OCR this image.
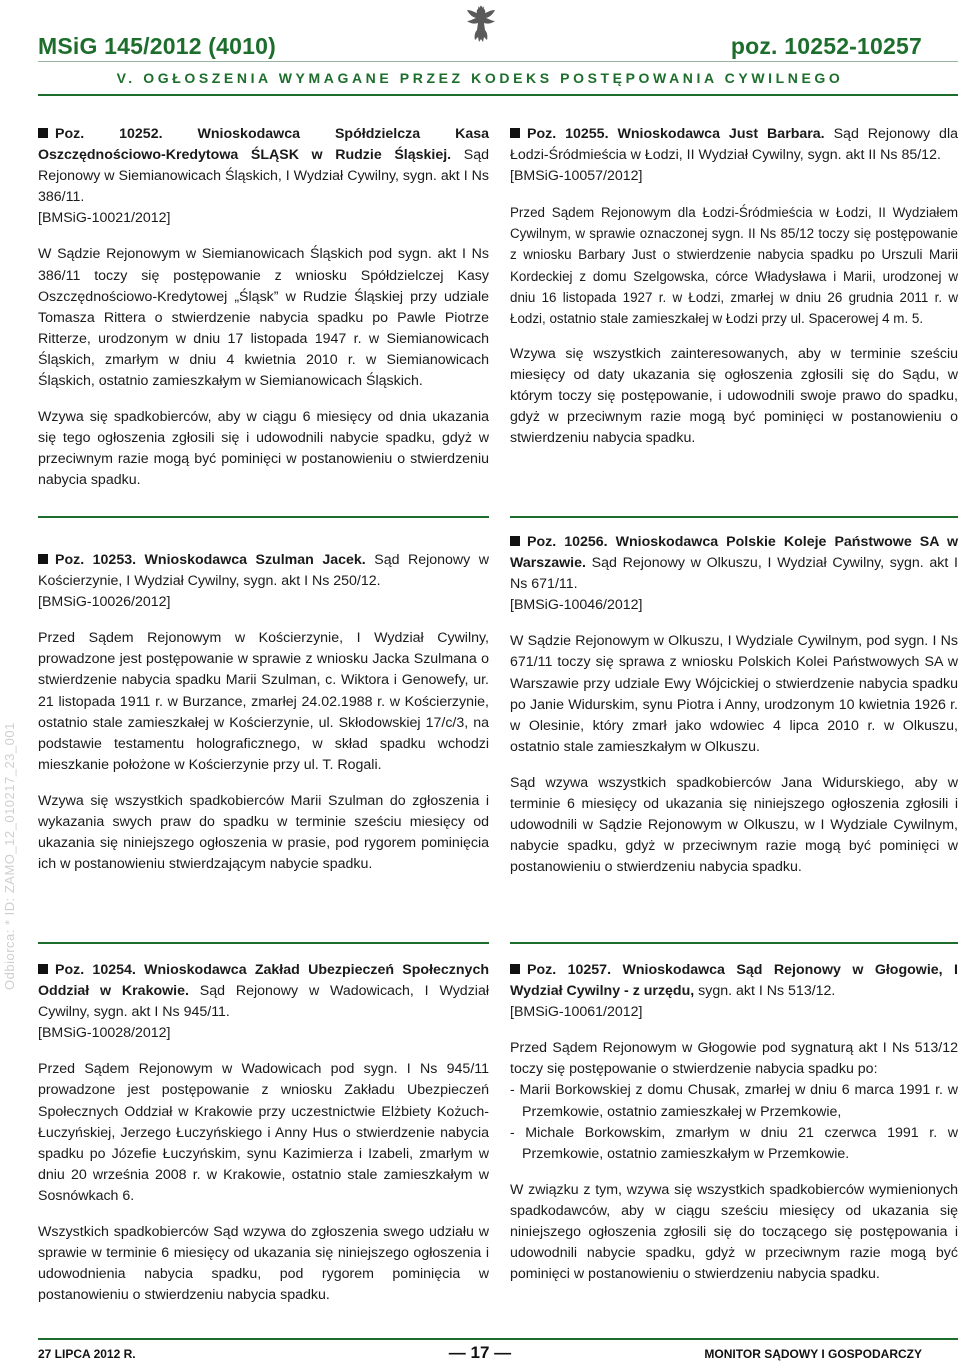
MSiG 145/2012 (4010)	poz. 10252-10257
V. OGŁOSZENIA WYMAGANE PRZEZ KODEKS POSTĘPOWANIA CYWILNEGO
Odbiorca: * ID: ZAMO_12_010217_23_001

Poz. 10252. Wnioskodawca Spółdzielcza Kasa Oszczędnościowo-Kredytowa ŚLĄSK w Rudzie Śląskiej. Sąd Rejonowy w Siemianowicach Śląskich, I Wydział Cywilny, sygn. akt I Ns 386/11.
[BMSiG-10021/2012]

W Sądzie Rejonowym w Siemianowicach Śląskich pod sygn. akt I Ns 386/11 toczy się postępowanie z wniosku Spółdzielczej Kasy Oszczędnościowo-Kredytowej „Śląsk” w Rudzie Śląskiej przy udziale Tomasza Rittera o stwierdzenie nabycia spadku po Pawle Piotrze Ritterze, urodzonym w dniu 17 listopada 1947 r. w Siemianowicach Śląskich, zmarłym w dniu 4 kwietnia 2010 r. w Siemianowicach Śląskich, ostatnio zamieszkałym w Siemianowicach Śląskich.

Wzywa się spadkobierców, aby w ciągu 6 miesięcy od dnia ukazania się tego ogłoszenia zgłosili się i udowodnili nabycie spadku, gdyż w przeciwnym razie mogą być pominięci w postanowieniu o stwierdzeniu nabycia spadku.

Poz. 10255. Wnioskodawca Just Barbara. Sąd Rejonowy dla Łodzi-Śródmieścia w Łodzi, II Wydział Cywilny, sygn. akt II Ns 85/12.
[BMSiG-10057/2012]

Przed Sądem Rejonowym dla Łodzi-Śródmieścia w Łodzi, II Wydziałem Cywilnym, w sprawie oznaczonej sygn. II Ns 85/12 toczy się postępowanie z wniosku Barbary Just o stwierdzenie nabycia spadku po Urszuli Marii Kordeckiej z domu Szelgowska, córce Władysława i Marii, urodzonej w dniu 16 listopada 1927 r. w Łodzi, zmarłej w dniu 26 grudnia 2011 r. w Łodzi, ostatnio stale zamieszkałej w Łodzi przy ul. Spacerowej 4 m. 5.

Wzywa się wszystkich zainteresowanych, aby w terminie sześciu miesięcy od daty ukazania się ogłoszenia zgłosili się do Sądu, w którym toczy się postępowanie, i udowodnili swoje prawo do spadku, gdyż w przeciwnym razie mogą być pominięci w postanowieniu o stwierdzeniu nabycia spadku.

Poz. 10253. Wnioskodawca Szulman Jacek. Sąd Rejonowy w Kościerzynie, I Wydział Cywilny, sygn. akt I Ns 250/12.
[BMSiG-10026/2012]

Przed Sądem Rejonowym w Kościerzynie, I Wydział Cywilny, prowadzone jest postępowanie w sprawie z wniosku Jacka Szulmana o stwierdzenie nabycia spadku Marii Szulman, c. Wiktora i Genowefy, ur. 21 listopada 1911 r. w Burzance, zmarłej 24.02.1988 r. w Kościerzynie, ostatnio stale zamieszkałej w Kościerzynie, ul. Skłodowskiej 17/c/3, na podstawie testamentu holograficznego, w skład spadku wchodzi mieszkanie położone w Kościerzynie przy ul. T. Rogali.

Wzywa się wszystkich spadkobierców Marii Szulman do zgłoszenia i wykazania swych praw do spadku w terminie sześciu miesięcy od ukazania się niniejszego ogłoszenia w prasie, pod rygorem pominięcia ich w postanowieniu stwierdzającym nabycie spadku.

Poz. 10256. Wnioskodawca Polskie Koleje Państwowe SA w Warszawie. Sąd Rejonowy w Olkuszu, I Wydział Cywilny, sygn. akt I Ns 671/11.
[BMSiG-10046/2012]

W Sądzie Rejonowym w Olkuszu, I Wydziale Cywilnym, pod sygn. I Ns 671/11 toczy się sprawa z wniosku Polskich Kolei Państwowych SA w Warszawie przy udziale Ewy Wójcickiej o stwierdzenie nabycia spadku po Janie Widurskim, synu Piotra i Anny, urodzonym 10 kwietnia 1926 r. w Olesinie, który zmarł jako wdowiec 4 lipca 2010 r. w Olkuszu, ostatnio stale zamieszkałym w Olkuszu.

Sąd wzywa wszystkich spadkobierców Jana Widurskiego, aby w terminie 6 miesięcy od ukazania się niniejszego ogłoszenia zgłosili i udowodnili w Sądzie Rejonowym w Olkuszu, w I Wydziale Cywilnym, nabycie spadku, gdyż w przeciwnym razie mogą być pominięci w postanowieniu o stwierdzeniu nabycia spadku.

Poz. 10254. Wnioskodawca Zakład Ubezpieczeń Społecznych Oddział w Krakowie. Sąd Rejonowy w Wadowicach, I Wydział Cywilny, sygn. akt I Ns 945/11.
[BMSiG-10028/2012]

Przed Sądem Rejonowym w Wadowicach pod sygn. I Ns 945/11 prowadzone jest postępowanie z wniosku Zakładu Ubezpieczeń Społecznych Oddział w Krakowie przy uczestnictwie Elżbiety Kożuch-Łuczyńskiej, Jerzego Łuczyńskiego i Anny Hus o stwierdzenie nabycia spadku po Józefie Łuczyńskim, synu Kazimierza i Izabeli, zmarłym w dniu 20 września 2008 r. w Krakowie, ostatnio stale zamieszkałym w Sosnówkach 6.

Wszystkich spadkobierców Sąd wzywa do zgłoszenia swego udziału w sprawie w terminie 6 miesięcy od ukazania się niniejszego ogłoszenia i udowodnienia nabycia spadku, pod rygorem pominięcia w postanowieniu o stwierdzeniu nabycia spadku.

Poz. 10257. Wnioskodawca Sąd Rejonowy w Głogowie, I Wydział Cywilny - z urzędu, sygn. akt I Ns 513/12.
[BMSiG-10061/2012]

Przed Sądem Rejonowym w Głogowie pod sygnaturą akt I Ns 513/12 toczy się postępowanie o stwierdzenie nabycia spadku po:

- Marii Borkowskiej z domu Chusak, zmarłej w dniu 6 marca 1991 r. w Przemkowie, ostatnio zamieszkałej w Przemkowie,

- Michale Borkowskim, zmarłym w dniu 21 czerwca 1991 r. w Przemkowie, ostatnio zamieszkałym w Przemkowie.

W związku z tym, wzywa się wszystkich spadkobierców wymienionych spadkodawców, aby w ciągu sześciu miesięcy od ukazania się niniejszego ogłoszenia zgłosili się do toczącego się postępowania i udowodnili nabycie spadku, gdyż w przeciwnym razie mogą być pominięci w postanowieniu o stwierdzeniu nabycia spadku.

27 LIPCA 2012 R.	— 17 —	MONITOR SĄDOWY I GOSPODARCZY
